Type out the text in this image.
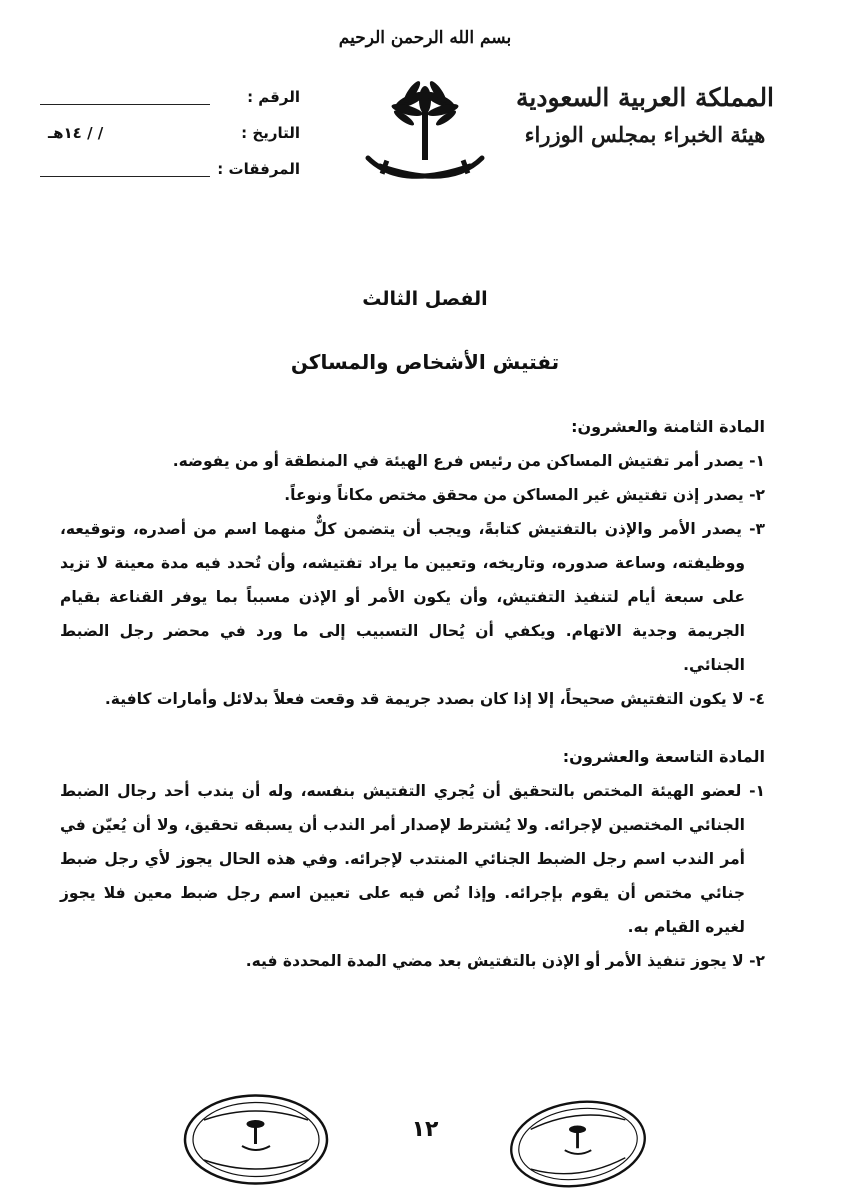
بسم الله الرحمن الرحيم
المملكة العربية السعودية
هيئة الخبراء بمجلس الوزراء
الرقم :
التاريخ :
/ / ١٤هـ
المرفقات :
الفصل الثالث
تفتيش الأشخاص والمساكن

المادة الثامنة والعشرون:

١- يصدر أمر تفتيش المساكن من رئيس فرع الهيئة في المنطقة أو من يفوضه.

٢- يصدر إذن تفتيش غير المساكن من محقق مختص مكاناً ونوعاً.

٣- يصدر الأمر والإذن بالتفتيش كتابةً، ويجب أن يتضمن كلٌّ منهما اسم من أصدره، وتوقيعه، ووظيفته، وساعة صدوره، وتاريخه، وتعيين ما يراد تفتيشه، وأن تُحدد فيه مدة معينة لا تزيد على سبعة أيام لتنفيذ التفتيش، وأن يكون الأمر أو الإذن مسبباً بما يوفر القناعة بقيام الجريمة وجدية الاتهام. ويكفي أن يُحال التسبيب إلى ما ورد في محضر رجل الضبط الجنائي.

٤- لا يكون التفتيش صحيحاً، إلا إذا كان بصدد جريمة قد وقعت فعلاً بدلائل وأمارات كافية.

المادة التاسعة والعشرون:

١- لعضو الهيئة المختص بالتحقيق أن يُجري التفتيش بنفسه، وله أن يندب أحد رجال الضبط الجنائي المختصين لإجرائه. ولا يُشترط لإصدار أمر الندب أن يسبقه تحقيق، ولا أن يُعيّن في أمر الندب اسم رجل الضبط الجنائي المنتدب لإجرائه. وفي هذه الحال يجوز لأي رجل ضبط جنائي مختص أن يقوم بإجرائه. وإذا نُص فيه على تعيين اسم رجل ضبط معين فلا يجوز لغيره القيام به.

٢- لا يجوز تنفيذ الأمر أو الإذن بالتفتيش بعد مضي المدة المحددة فيه.

١٢
